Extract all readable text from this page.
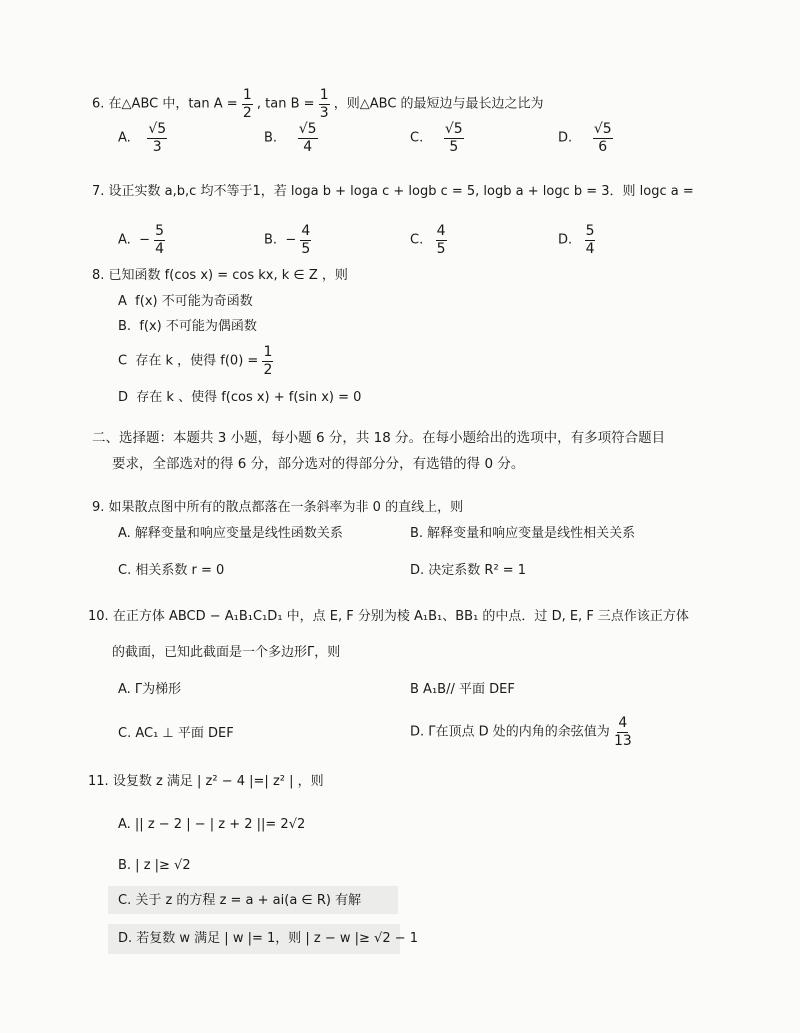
6. 在△ABC 中，$\tan A = \frac{1}{2}$ , $\tan B = \frac{1}{3}$ ，则△ABC 的最短边与最长边之比为
A. $\frac{√5}{3}$	B. $\frac{√5}{4}$	C. $\frac{√5}{5}$	D. $\frac{√5}{6}$
7. 设正实数 a,b,c 均不等于1，若 loga b + loga c + logb c = 5, logb a + logc b = 3．则 logc a =
A. − $\frac{5}{4}$	B. − $\frac{4}{5}$	C. $\frac{4}{5}$	D. $\frac{5}{4}$
8. 已知函数 f(cos x) = cos kx, k ∈ Z ，则
A f(x) 不可能为奇函数
B. f(x) 不可能为偶函数
C 存在 k ，使得 $f(0) = \frac{1}{2}$
D 存在 k 、使得 f(cos x) + f(sin x) = 0
二、选择题：本题共 3 小题，每小题 6 分，共 18 分。在每小题给出的选项中，有多项符合题目
要求，全部选对的得 6 分，部分选对的得部分分，有选错的得 0 分。
9. 如果散点图中所有的散点都落在一条斜率为非 0 的直线上，则
A. 解释变量和响应变量是线性函数关系	B. 解释变量和响应变量是线性相关关系
C. 相关系数 r = 0	D. 决定系数 R² = 1
10. 在正方体 ABCD − A₁B₁C₁D₁ 中，点 E, F 分别为棱 A₁B₁、BB₁ 的中点．过 D, E, F 三点作该正方体
的截面，已知此截面是一个多边形Γ，则
A. Γ为梯形	B A₁B// 平面 DEF
C. AC₁ ⊥ 平面 DEF	D. Γ在顶点 D 处的内角的余弦值为 $\frac{4}{13}$
11. 设复数 z 满足 | z² − 4 |=| z² | ，则
A. || z − 2 | − | z + 2 ||= 2√2
B. | z |≥ √2
C. 关于 z 的方程 z = a + ai(a ∈ R) 有解
D. 若复数 w 满足 | w |= 1，则 | z − w |≥ √2 − 1
